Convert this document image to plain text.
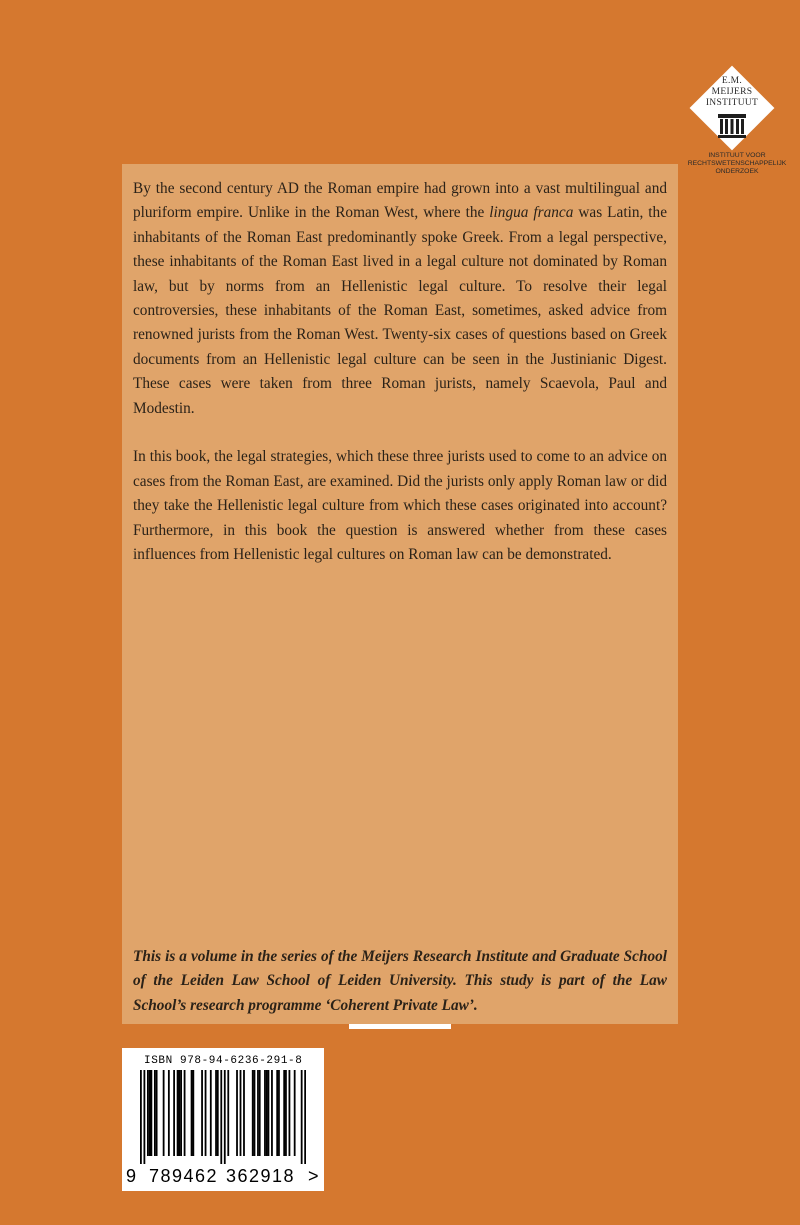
E.M.
MEIJERS
INSTITUUT
INSTITUUT VOOR
RECHTSWETENSCHAPPELIJK
ONDERZOEK

By the second century AD the Roman empire had grown into a vast multilingual and pluriform empire. Unlike in the Roman West, where the lingua franca was Latin, the inhabitants of the Roman East predominantly spoke Greek. From a legal perspective, these inhabitants of the Roman East lived in a legal culture not dominated by Roman law, but by norms from an Hellenistic legal culture. To resolve their legal controversies, these inhabitants of the Roman East, sometimes, asked advice from renowned jurists from the Roman West. Twenty-six cases of questions based on Greek documents from an Hellenistic legal culture can be seen in the Justinianic Digest. These cases were taken from three Roman jurists, namely Scaevola, Paul and Modestin.

In this book, the legal strategies, which these three jurists used to come to an advice on cases from the Roman East, are examined. Did the jurists only apply Roman law or did they take the Hellenistic legal culture from which these cases originated into account? Furthermore, in this book the question is answered whether from these cases influences from Hellenistic legal cultures on Roman law can be demonstrated.

This is a volume in the series of the Meijers Research Institute and Graduate School of the Leiden Law School of Leiden University. This study is part of the Law School’s research programme ‘Coherent Private Law’.
ISBN 978-94-6236-291-8
9 789462 362918 >
